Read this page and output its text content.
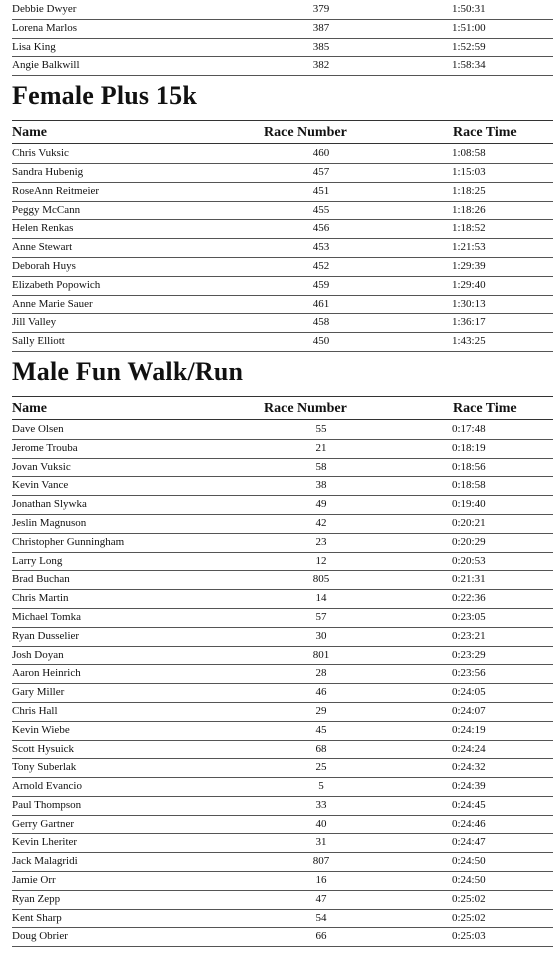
Debbie Dwyer	379	1:50:31
Lorena Marlos	387	1:51:00
Lisa King	385	1:52:59
Angie Balkwill	382	1:58:34
Female Plus 15k
Name	Race Number	Race Time
Chris Vuksic	460	1:08:58
Sandra Hubenig	457	1:15:03
RoseAnn Reitmeier	451	1:18:25
Peggy McCann	455	1:18:26
Helen Renkas	456	1:18:52
Anne Stewart	453	1:21:53
Deborah Huys	452	1:29:39
Elizabeth Popowich	459	1:29:40
Anne Marie Sauer	461	1:30:13
Jill Valley	458	1:36:17
Sally Elliott	450	1:43:25
Male Fun Walk/Run
Name	Race Number	Race Time
Dave Olsen	55	0:17:48
Jerome Trouba	21	0:18:19
Jovan Vuksic	58	0:18:56
Kevin Vance	38	0:18:58
Jonathan Slywka	49	0:19:40
Jeslin Magnuson	42	0:20:21
Christopher Gunningham	23	0:20:29
Larry Long	12	0:20:53
Brad Buchan	805	0:21:31
Chris Martin	14	0:22:36
Michael Tomka	57	0:23:05
Ryan Dusselier	30	0:23:21
Josh Doyan	801	0:23:29
Aaron Heinrich	28	0:23:56
Gary Miller	46	0:24:05
Chris Hall	29	0:24:07
Kevin Wiebe	45	0:24:19
Scott Hysuick	68	0:24:24
Tony Suberlak	25	0:24:32
Arnold Evancio	5	0:24:39
Paul Thompson	33	0:24:45
Gerry Gartner	40	0:24:46
Kevin Lheriter	31	0:24:47
Jack Malagridi	807	0:24:50
Jamie Orr	16	0:24:50
Ryan Zepp	47	0:25:02
Kent Sharp	54	0:25:02
Doug Obrier	66	0:25:03
